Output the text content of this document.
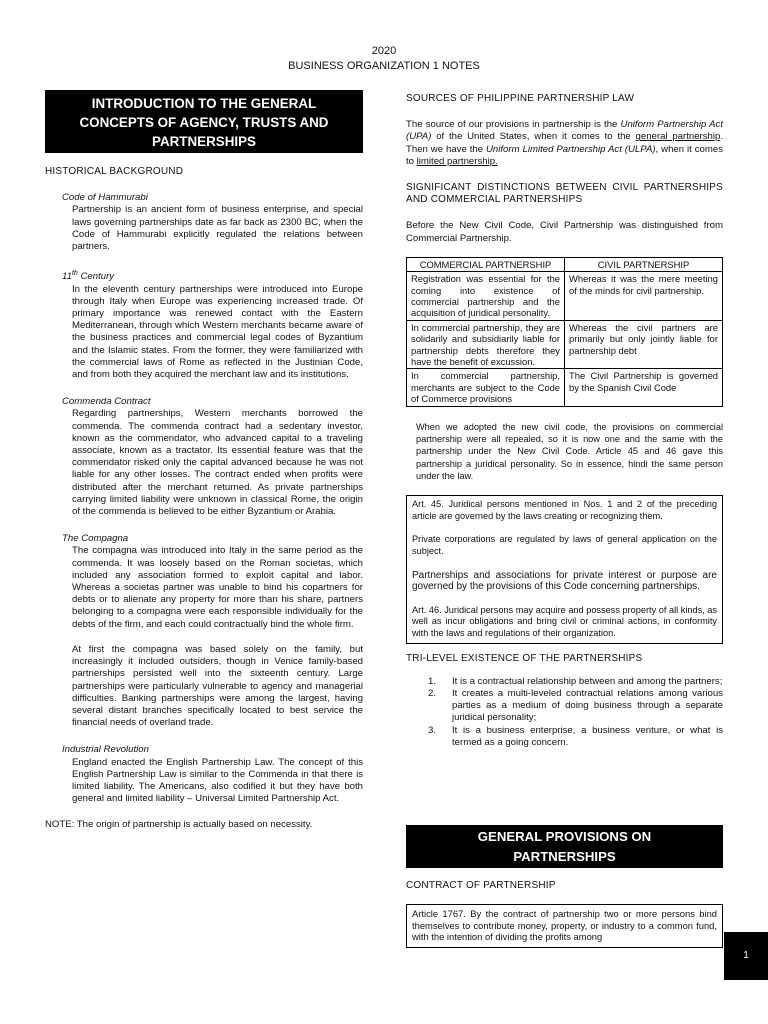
2020
BUSINESS ORGANIZATION 1 NOTES
INTRODUCTION TO THE GENERAL
CONCEPTS OF AGENCY, TRUSTS AND
PARTNERSHIPS
HISTORICAL BACKGROUND
Code of Hammurabi
Partnership is an ancient form of business enterprise, and special laws governing partnerships date as far back as 2300 BC, when the Code of Hammurabi explicitly regulated the relations between partners.
11th Century
In the eleventh century partnerships were introduced into Europe through Italy when Europe was experiencing increased trade. Of primary importance was renewed contact with the Eastern Mediterranean, through which Western merchants became aware of the business practices and commercial legal codes of Byzantium and the Islamic states. From the former, they were familiarized with the commercial laws of Rome as reflected in the Justinian Code, and from both they acquired the merchant law and its institutions.
Commenda Contract
Regarding partnerships, Western merchants borrowed the commenda. The commenda contract had a sedentary investor, known as the commendator, who advanced capital to a traveling associate, known as a tractator. Its essential feature was that the commendator risked only the capital advanced because he was not liable for any other losses. The contract ended when profits were distributed after the merchant returned. As private partnerships carrying limited liability were unknown in classical Rome, the origin of the commenda is believed to be either Byzantium or Arabia.
The Compagna
The compagna was introduced into Italy in the same period as the commenda. It was loosely based on the Roman societas, which included any association formed to exploit capital and labor. Whereas a societas partner was unable to bind his copartners for debts or to alienate any property for more than his share, partners belonging to a compagna were each responsible individually for the debts of the firm, and each could contractually bind the whole firm.
At first the compagna was based solely on the family, but increasingly it included outsiders, though in Venice family-based partnerships persisted well into the sixteenth century. Large partnerships were particularly vulnerable to agency and managerial difficulties. Banking partnerships were among the largest, having several distant branches specifically located to best service the financial needs of overland trade.
Industrial Revolution
England enacted the English Partnership Law. The concept of this English Partnership Law is similar to the Commenda in that there is limited liability. The Americans, also codified it but they have both general and limited liability – Universal Limited Partnership Act.
NOTE: The origin of partnership is actually based on necessity.
SOURCES OF PHILIPPINE PARTNERSHIP LAW
The source of our provisions in partnership is the Uniform Partnership Act (UPA) of the United States, when it comes to the general partnership. Then we have the Uniform Limited Partnership Act (ULPA), when it comes to limited partnership.
SIGNIFICANT DISTINCTIONS BETWEEN CIVIL PARTNERSHIPS AND COMMERCIAL PARTNERSHIPS
Before the New Civil Code, Civil Partnership was distinguished from Commercial Partnership.
COMMERCIAL PARTNERSHIP	CIVIL PARTNERSHIP
Registration was essential for the coming into existence of commercial partnership and the acquisition of juridical personality.	Whereas it was the mere meeting of the minds for civil partnership.
In commercial partnership, they are solidarily and subsidiarily liable for partnership debts therefore they have the benefit of excussion.	Whereas the civil partners are primarily but only jointly liable for partnership debt
In commercial partnership, merchants are subject to the Code of Commerce provisions	The Civil Partnership is governed by the Spanish Civil Code
When we adopted the new civil code, the provisions on commercial partnership were all repealed, so it is now one and the same with the partnership under the New Civil Code. Article 45 and 46 gave this partnership a juridical personality. So in essence, hindi the same person under the law.
Art. 45. Juridical persons mentioned in Nos. 1 and 2 of the preceding article are governed by the laws creating or recognizing them.
Private corporations are regulated by laws of general application on the subject.
Partnerships and associations for private interest or purpose are governed by the provisions of this Code concerning partnerships.
Art. 46. Juridical persons may acquire and possess property of all kinds, as well as incur obligations and bring civil or criminal actions, in conformity with the laws and regulations of their organization.
TRI-LEVEL EXISTENCE OF THE PARTNERSHIPS
1. It is a contractual relationship between and among the partners;
2. It creates a multi-leveled contractual relations among various parties as a medium of doing business through a separate juridical personality;
3. It is a business enterprise, a business venture, or what is termed as a going concern.
GENERAL PROVISIONS ON
PARTNERSHIPS
CONTRACT OF PARTNERSHIP
Article 1767. By the contract of partnership two or more persons bind themselves to contribute money, property, or industry to a common fund, with the intention of dividing the profits among
1
